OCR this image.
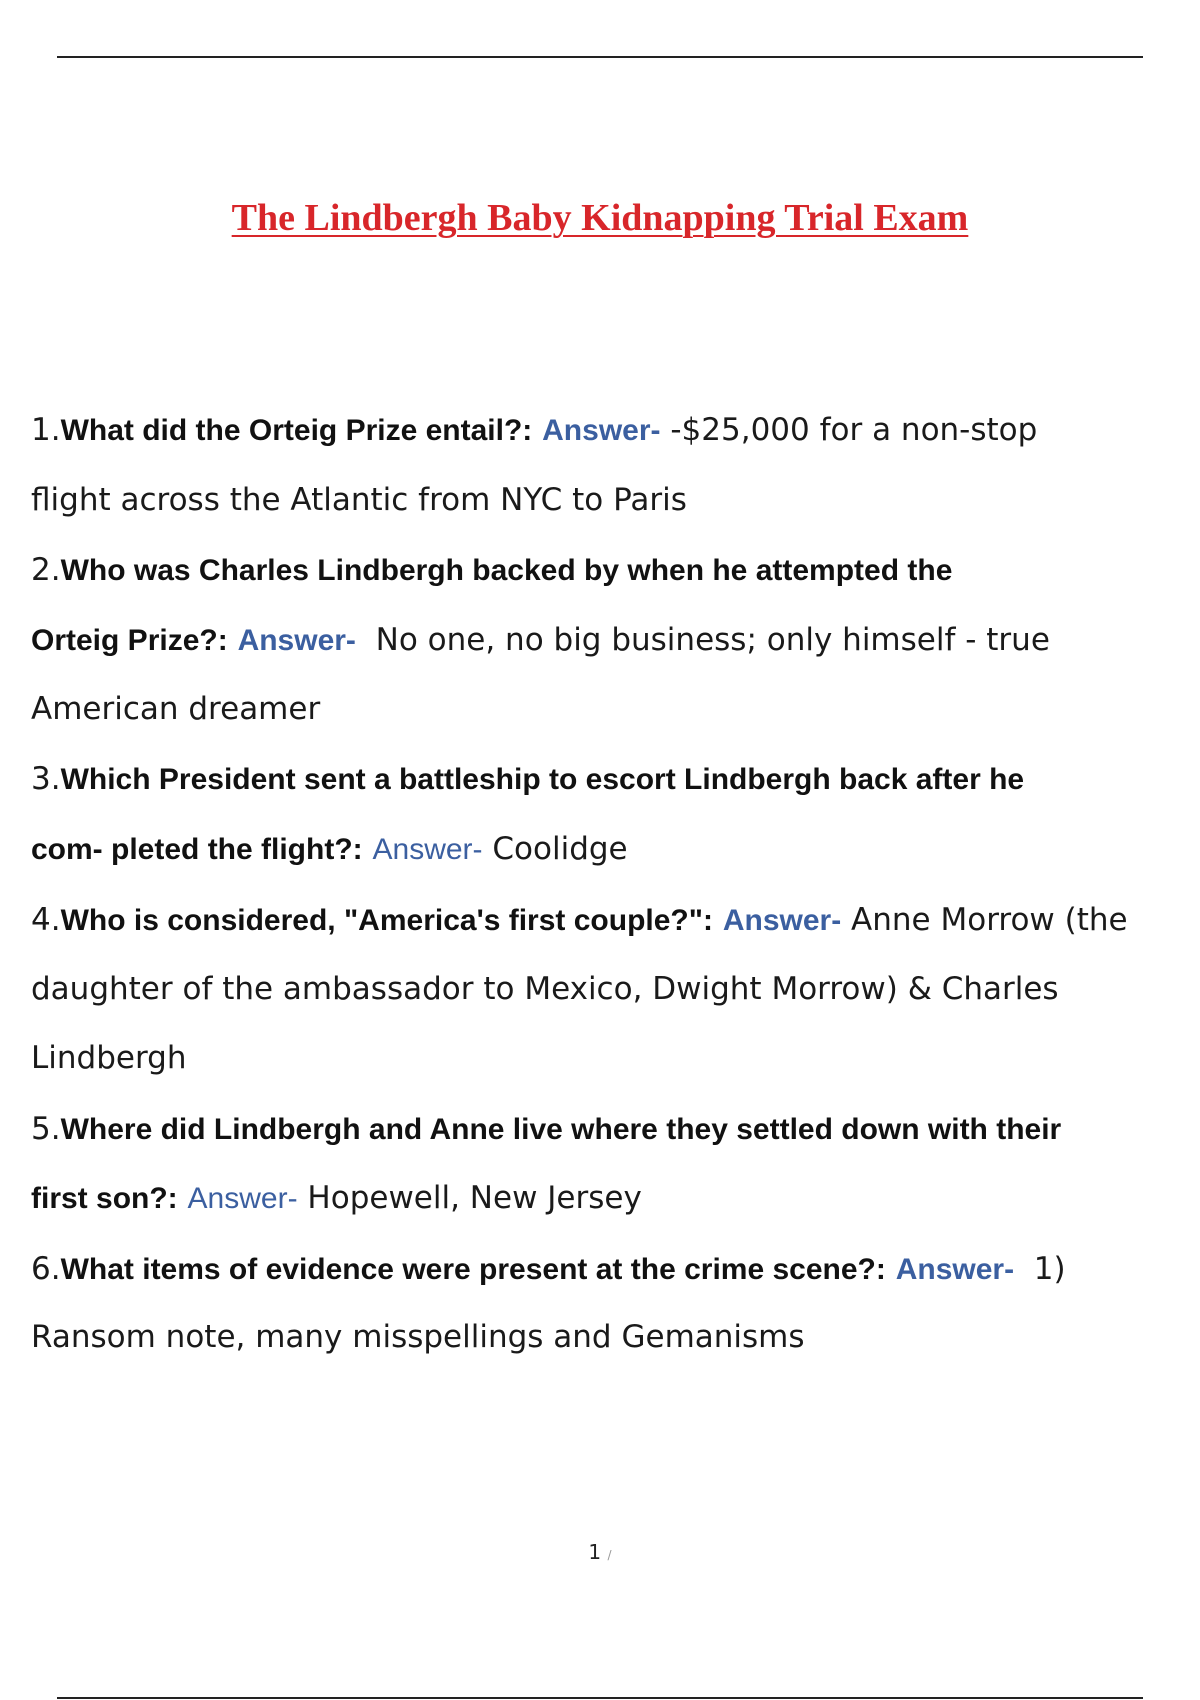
The Lindbergh Baby Kidnapping Trial Exam
1.What did the Orteig Prize entail?: Answer- -$25,000 for a non-stop
flight across the Atlantic from NYC to Paris
2.Who was Charles Lindbergh backed by when he attempted the
Orteig Prize?: Answer- No one, no big business; only himself - true
American dreamer
3.Which President sent a battleship to escort Lindbergh back after he
com- pleted the flight?: Answer- Coolidge
4.Who is considered, "America's first couple?": Answer- Anne Morrow (the
daughter of the ambassador to Mexico, Dwight Morrow) & Charles
Lindbergh
5.Where did Lindbergh and Anne live where they settled down with their
first son?: Answer- Hopewell, New Jersey
6.What items of evidence were present at the crime scene?: Answer- 1)
Ransom note, many misspellings and Gemanisms
1 /
